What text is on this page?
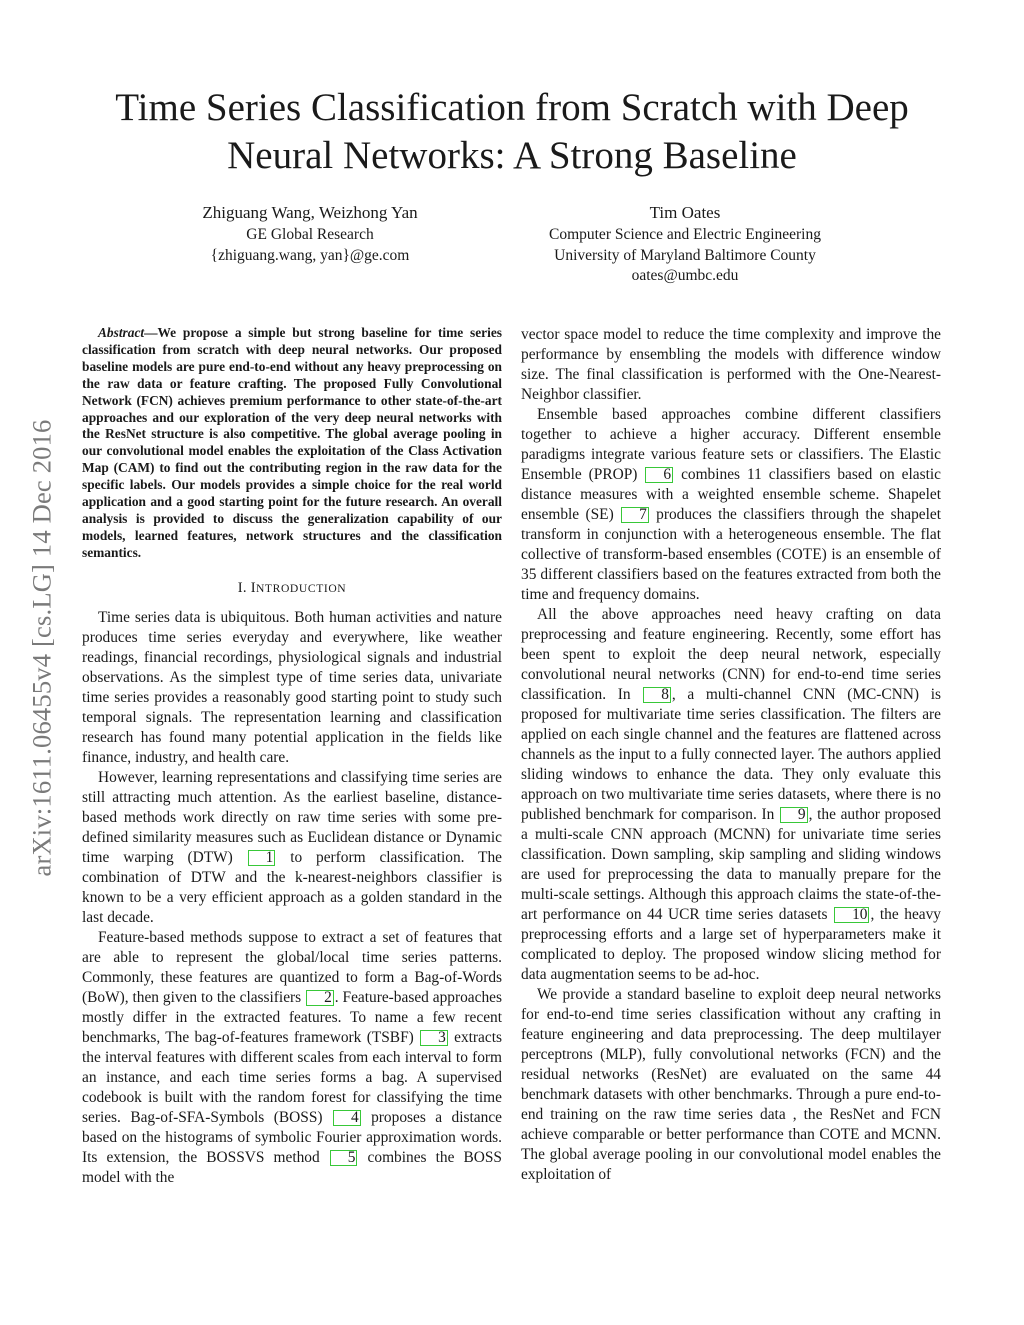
arXiv:1611.06455v4 [cs.LG] 14 Dec 2016
Time Series Classification from Scratch with Deep Neural Networks: A Strong Baseline
Zhiguang Wang, Weizhong Yan
GE Global Research
{zhiguang.wang, yan}@ge.com
Tim Oates
Computer Science and Electric Engineering
University of Maryland Baltimore County
oates@umbc.edu

Abstract—We propose a simple but strong baseline for time series classification from scratch with deep neural networks. Our proposed baseline models are pure end-to-end without any heavy preprocessing on the raw data or feature crafting. The proposed Fully Convolutional Network (FCN) achieves premium performance to other state-of-the-art approaches and our exploration of the very deep neural networks with the ResNet structure is also competitive. The global average pooling in our convolutional model enables the exploitation of the Class Activation Map (CAM) to find out the contributing region in the raw data for the specific labels. Our models provides a simple choice for the real world application and a good starting point for the future research. An overall analysis is provided to discuss the generalization capability of our models, learned features, network structures and the classification semantics.

I. INTRODUCTION

Time series data is ubiquitous. Both human activities and nature produces time series everyday and everywhere, like weather readings, financial recordings, physiological signals and industrial observations. As the simplest type of time series data, univariate time series provides a reasonably good starting point to study such temporal signals. The representation learning and classification research has found many potential application in the fields like finance, industry, and health care.

However, learning representations and classifying time series are still attracting much attention. As the earliest baseline, distance-based methods work directly on raw time series with some pre-defined similarity measures such as Euclidean distance or Dynamic time warping (DTW) 1 to perform classification. The combination of DTW and the k-nearest-neighbors classifier is known to be a very efficient approach as a golden standard in the last decade.

Feature-based methods suppose to extract a set of features that are able to represent the global/local time series patterns. Commonly, these features are quantized to form a Bag-of-Words (BoW), then given to the classifiers 2 . Feature-based approaches mostly differ in the extracted features. To name a few recent benchmarks, The bag-of-features framework (TSBF) 3 extracts the interval features with different scales from each interval to form an instance, and each time series forms a bag. A supervised codebook is built with the random forest for classifying the time series. Bag-of-SFA-Symbols (BOSS) 4 proposes a distance based on the histograms of symbolic Fourier approximation words. Its extension, the BOSSVS method 5 combines the BOSS model with the

vector space model to reduce the time complexity and improve the performance by ensembling the models with difference window size. The final classification is performed with the One-Nearest-Neighbor classifier.

Ensemble based approaches combine different classifiers together to achieve a higher accuracy. Different ensemble paradigms integrate various feature sets or classifiers. The Elastic Ensemble (PROP) 6 combines 11 classifiers based on elastic distance measures with a weighted ensemble scheme. Shapelet ensemble (SE) 7 produces the classifiers through the shapelet transform in conjunction with a heterogeneous ensemble. The flat collective of transform-based ensembles (COTE) is an ensemble of 35 different classifiers based on the features extracted from both the time and frequency domains.

All the above approaches need heavy crafting on data preprocessing and feature engineering. Recently, some effort has been spent to exploit the deep neural network, especially convolutional neural networks (CNN) for end-to-end time series classification. In 8 , a multi-channel CNN (MC-CNN) is proposed for multivariate time series classification. The filters are applied on each single channel and the features are flattened across channels as the input to a fully connected layer. The authors applied sliding windows to enhance the data. They only evaluate this approach on two multivariate time series datasets, where there is no published benchmark for comparison. In 9 , the author proposed a multi-scale CNN approach (MCNN) for univariate time series classification. Down sampling, skip sampling and sliding windows are used for preprocessing the data to manually prepare for the multi-scale settings. Although this approach claims the state-of-the-art performance on 44 UCR time series datasets 10 , the heavy preprocessing efforts and a large set of hyperparameters make it complicated to deploy. The proposed window slicing method for data augmentation seems to be ad-hoc.

We provide a standard baseline to exploit deep neural networks for end-to-end time series classification without any crafting in feature engineering and data preprocessing. The deep multilayer perceptrons (MLP), fully convolutional networks (FCN) and the residual networks (ResNet) are evaluated on the same 44 benchmark datasets with other benchmarks. Through a pure end-to-end training on the raw time series data , the ResNet and FCN achieve comparable or better performance than COTE and MCNN. The global average pooling in our convolutional model enables the exploitation of
